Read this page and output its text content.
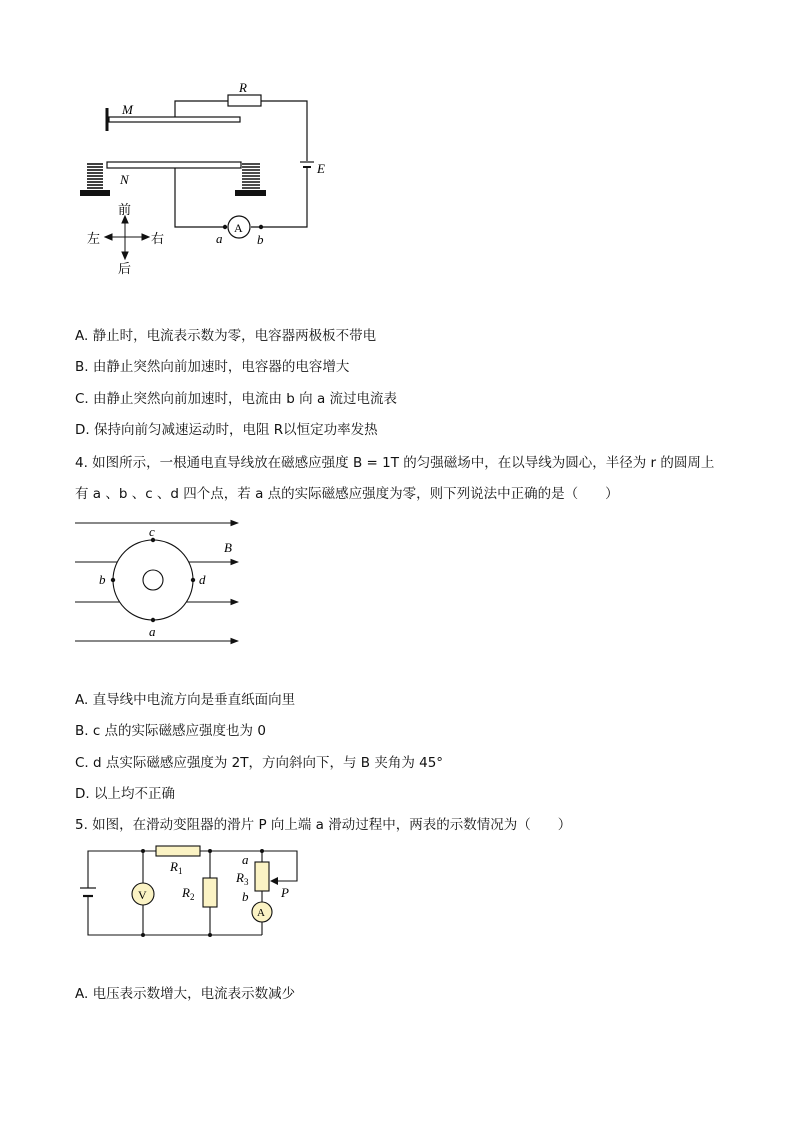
R
M
N
E
a	b
A
前
左	右
后
A. 静止时，电流表示数为零，电容器两极板不带电
B. 由静止突然向前加速时，电容器的电容增大
C. 由静止突然向前加速时，电流由 b 向 a 流过电流表
D. 保持向前匀减速运动时，电阻 R以恒定功率发热
4. 如图所示，一根通电直导线放在磁感应强度 B = 1T 的匀强磁场中，在以导线为圆心，半径为 r 的圆周上
有 a 、b 、c 、d 四个点，若 a 点的实际磁感应强度为零，则下列说法中正确的是（　　）
c
a
b	d
B
A. 直导线中电流方向是垂直纸面向里
B. c 点的实际磁感应强度也为 0
C. d 点实际磁感应强度为 2T，方向斜向下，与 B 夹角为 45°
D. 以上均不正确
5. 如图，在滑动变阻器的滑片 P 向上端 a 滑动过程中，两表的示数情况为（　　）
V
A
$R_1$
$R_2$
$R_3$
a
b	P
A. 电压表示数增大，电流表示数减少
